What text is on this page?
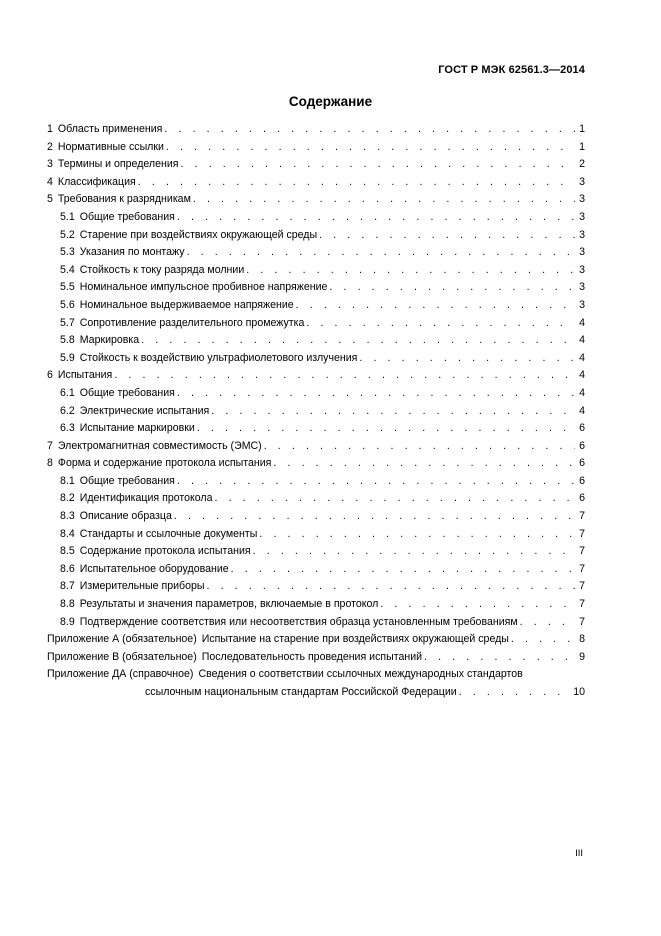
ГОСТ Р МЭК 62561.3—2014
Содержание
1 Область применения . . .	1
2 Нормативные ссылки . . .	1
3 Термины и определения . . .	2
4 Классификация . . .	3
5 Требования к разрядникам . . .	3
5.1 Общие требования . . .	3
5.2 Старение при воздействиях окружающей среды . . .	3
5.3 Указания по монтажу . . .	3
5.4 Стойкость к току разряда молнии . . .	3
5.5 Номинальное импульсное пробивное напряжение . . .	3
5.6 Номинальное выдерживаемое напряжение . . .	3
5.7 Сопротивление разделительного промежутка . . .	4
5.8 Маркировка . . .	4
5.9 Стойкость к воздействию ультрафиолетового излучения . . .	4
6 Испытания . . .	4
6.1 Общие требования . . .	4
6.2 Электрические испытания . . .	4
6.3 Испытание маркировки . . .	6
7 Электромагнитная совместимость (ЭМС) . . .	6
8 Форма и содержание протокола испытания . . .	6
8.1 Общие требования . . .	6
8.2 Идентификация протокола . . .	6
8.3 Описание образца . . .	7
8.4 Стандарты и ссылочные документы . . .	7
8.5 Содержание протокола испытания . . .	7
8.6 Испытательное оборудование . . .	7
8.7 Измерительные приборы . . .	7
8.8 Результаты и значения параметров, включаемые в протокол . . .	7
8.9 Подтверждение соответствия или несоответствия образца установленным требованиям . . .	7
Приложение А (обязательное) Испытание на старение при воздействиях окружающей среды . . .	8
Приложение В (обязательное) Последовательность проведения испытаний . . .	9
Приложение ДА (справочное) Сведения о соответствии ссылочных международных стандартов
ссылочным национальным стандартам Российской Федерации . . .	10
III
